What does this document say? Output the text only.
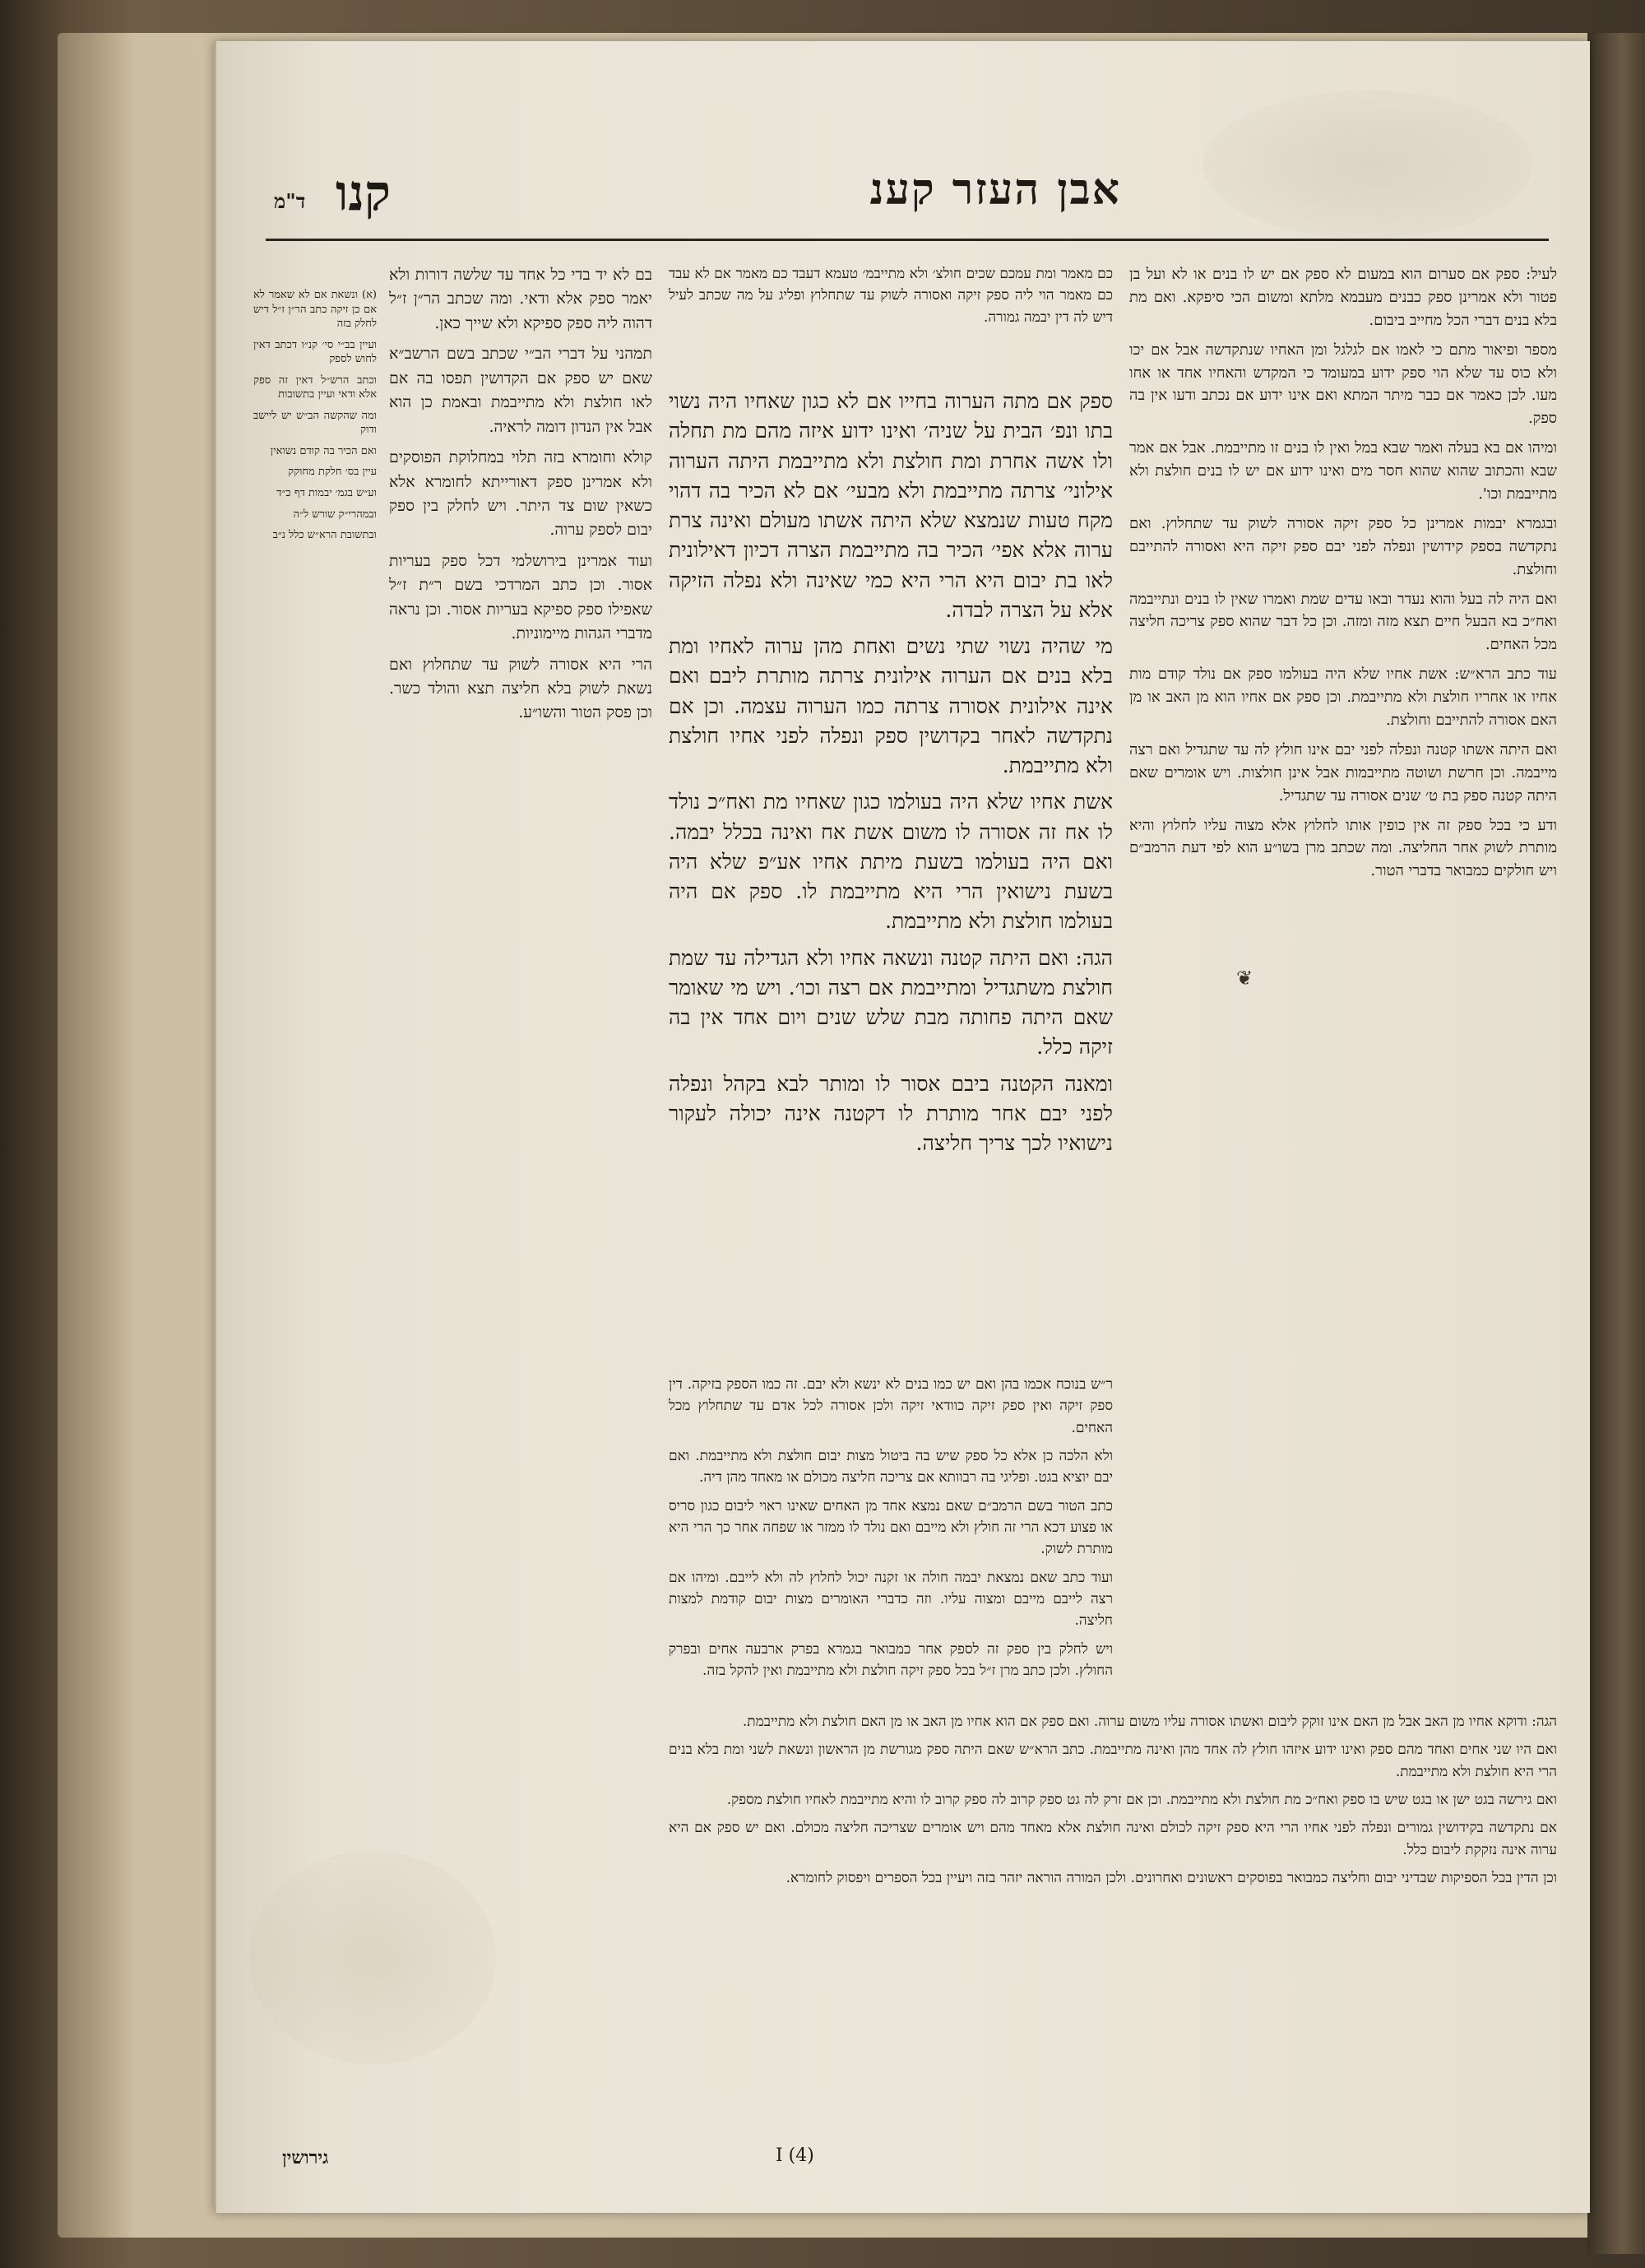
אבן העזר קענ
קנו
ד"מ

לעיל: ספק אם סערום הוא במעום לא ספק אם יש לו בנים או לא ועל בן פטור ולא אמרינן ספק כבנים מעבמא מלתא ומשום הכי סיפקא. ואם מת בלא בנים דברי הכל מחייב ביבום.

מספר ופיאור מתם כי לאמו אם לגלגל ומן האחיו שנתקדשה אבל אם יכו ולא כוס עד שלא הוי ספק ידוע במעומד כי המקדש והאחיו אחד או אחו מעו. לכן כאמר אם כבר מיתר המתא ואם אינו ידוע אם נכתב ודעו אין בה ספק.

ומיהו אם בא בעלה ואמר שבא במל ואין לו בנים זו מתייבמת. אבל אם אמר שבא והכתוב שהוא שהוא חסר מים ואינו ידוע אם יש לו בנים חולצת ולא מתייבמת וכו'.

ובגמרא יבמות אמרינן כל ספק זיקה אסורה לשוק עד שתחלוץ. ואם נתקדשה בספק קידושין ונפלה לפני יבם ספק זיקה היא ואסורה להתייבם וחולצת.

ואם היה לה בעל והוא נעדר ובאו עדים שמת ואמרו שאין לו בנים ונתייבמה ואח״כ בא הבעל חיים תצא מזה ומזה. וכן כל דבר שהוא ספק צריכה חליצה מכל האחים.

עוד כתב הרא״ש: אשת אחיו שלא היה בעולמו ספק אם נולד קודם מות אחיו או אחריו חולצת ולא מתייבמת. וכן ספק אם אחיו הוא מן האב או מן האם אסורה להתייבם וחולצת.

ואם היתה אשתו קטנה ונפלה לפני יבם אינו חולץ לה עד שתגדיל ואם רצה מייבמה. וכן חרשת ושוטה מתייבמות אבל אינן חולצות. ויש אומרים שאם היתה קטנה ספק בת ט׳ שנים אסורה עד שתגדיל.

ודע כי בכל ספק זה אין כופין אותו לחלוץ אלא מצוה עליו לחלוץ והיא מותרת לשוק אחר החליצה. ומה שכתב מרן בשו״ע הוא לפי דעת הרמב״ם ויש חולקים כמבואר בדברי הטור.

כם מאמר ומת עמכם שכים חולצ׳ ולא מתייבמ׳ טעמא דעבד כם מאמר אם לא עבד כם מאמר הוי ליה ספק זיקה ואסורה לשוק עד שתחלוץ ופליג על מה שכתב לעיל דיש לה דין יבמה גמורה.

ספק אם מתה הערוה בחייו אם לא כגון שאחיו היה נשוי בתו ונפ׳ הבית על שניה׳ ואינו ידוע איזה מהם מת תחלה ולו אשה אחרת ומת חולצת ולא מתייבמת היתה הערוה אילוני׳ צרתה מתייבמת ולא מבעי׳ אם לא הכיר בה דהוי מקח טעות שנמצא שלא היתה אשתו מעולם ואינה צרת ערוה אלא אפי׳ הכיר בה מתייבמת הצרה דכיון דאילונית לאו בת יבום היא הרי היא כמי שאינה ולא נפלה הזיקה אלא על הצרה לבדה.

מי שהיה נשוי שתי נשים ואחת מהן ערוה לאחיו ומת בלא בנים אם הערוה אילונית צרתה מותרת ליבם ואם אינה אילונית אסורה צרתה כמו הערוה עצמה. וכן אם נתקדשה לאחר בקדושין ספק ונפלה לפני אחיו חולצת ולא מתייבמת.

אשת אחיו שלא היה בעולמו כגון שאחיו מת ואח״כ נולד לו אח זה אסורה לו משום אשת אח ואינה בכלל יבמה. ואם היה בעולמו בשעת מיתת אחיו אע״פ שלא היה בשעת נישואין הרי היא מתייבמת לו. ספק אם היה בעולמו חולצת ולא מתייבמת.

הגה: ואם היתה קטנה ונשאה אחיו ולא הגדילה עד שמת חולצת משתגדיל ומתייבמת אם רצה וכו׳. ויש מי שאומר שאם היתה פחותה מבת שלש שנים ויום אחד אין בה זיקה כלל.

ומאנה הקטנה ביבם אסור לו ומותר לבא בקהל ונפלה לפני יבם אחר מותרת לו דקטנה אינה יכולה לעקור נישואיו לכך צריך חליצה.

ר״ש בנוכח אכמו בהן ואם יש כמו בנים לא ינשא ולא יבם. זה כמו הספק בזיקה. דין ספק זיקה ואין ספק זיקה כוודאי זיקה ולכן אסורה לכל אדם עד שתחלוץ מכל האחים.

ולא הלכה כן אלא כל ספק שיש בה ביטול מצות יבום חולצת ולא מתייבמת. ואם יבם יוציא בגט. ופליגי בה רבוותא אם צריכה חליצה מכולם או מאחד מהן דיה.

כתב הטור בשם הרמב״ם שאם נמצא אחד מן האחים שאינו ראוי ליבום כגון סריס או פצוע דכא הרי זה חולץ ולא מייבם ואם נולד לו ממזר או שפחה אחר כך הרי היא מותרת לשוק.

ועוד כתב שאם נמצאת יבמה חולה או זקנה יכול לחלוץ לה ולא לייבם. ומיהו אם רצה לייבם מייבם ומצוה עליו. וזה כדברי האומרים מצות יבום קודמת למצות חליצה.

ויש לחלק בין ספק זה לספק אחר כמבואר בגמרא בפרק ארבעה אחים ובפרק החולץ. ולכן כתב מרן ז״ל בכל ספק זיקה חולצת ולא מתייבמת ואין להקל בזה.

בם לא יד בדי כל אחד עד שלשה דורות ולא יאמר ספק אלא ודאי. ומה שכתב הר״ן ז״ל דהוה ליה ספק ספיקא ולא שייך כאן.

תמהני על דברי הב״י שכתב בשם הרשב״א שאם יש ספק אם הקדושין תפסו בה אם לאו חולצת ולא מתייבמת ובאמת כן הוא אבל אין הנדון דומה לראיה.

קולא וחומרא בזה תלוי במחלוקת הפוסקים ולא אמרינן ספק דאורייתא לחומרא אלא כשאין שום צד היתר. ויש לחלק בין ספק יבום לספק ערוה.

ועוד אמרינן בירושלמי דכל ספק בעריות אסור. וכן כתב המרדכי בשם ר״ת ז״ל שאפילו ספק ספיקא בעריות אסור. וכן נראה מדברי הגהות מיימוניות.

הרי היא אסורה לשוק עד שתחלוץ ואם נשאת לשוק בלא חליצה תצא והולד כשר. וכן פסק הטור והשו״ע.

(א) ונשאת אם לא שאמר לא אם כן זיקה כתב הר״ן ז״ל דיש לחלק בזה

ועיין בב״י סי׳ קנ״ו דכתב דאין לחוש לספק

וכתב הרש״ל דאין זה ספק אלא ודאי ועיין בתשובות

ומה שהקשה הב״ש יש ליישב ודוק

ואם הכיר בה קודם נשואין

עיין בס׳ חלקת מחוקק

וע״ש בגמ׳ יבמות דף כ״ד

ובמהרי״ק שורש ל״ה

ובתשובת הרא״ש כלל נ״ב

הגה: ודוקא אחיו מן האב אבל מן האם אינו זוקק ליבום ואשתו אסורה עליו משום ערוה. ואם ספק אם הוא אחיו מן האב או מן האם חולצת ולא מתייבמת.

ואם היו שני אחים ואחד מהם ספק ואינו ידוע איזהו חולץ לה אחד מהן ואינה מתייבמת. כתב הרא״ש שאם היתה ספק מגורשת מן הראשון ונשאת לשני ומת בלא בנים הרי היא חולצת ולא מתייבמת.

ואם גירשה בגט ישן או בגט שיש בו ספק ואח״כ מת חולצת ולא מתייבמת. וכן אם זרק לה גט ספק קרוב לה ספק קרוב לו והיא מתייבמת לאחיו חולצת מספק.

אם נתקדשה בקידושין גמורים ונפלה לפני אחיו הרי היא ספק זיקה לכולם ואינה חולצת אלא מאחד מהם ויש אומרים שצריכה חליצה מכולם. ואם יש ספק אם היא ערוה אינה נזקקת ליבום כלל.

וכן הדין בכל הספיקות שבדיני יבום וחליצה כמבואר בפוסקים ראשונים ואחרונים. ולכן המורה הוראה יזהר בזה ויעיין בכל הספרים ויפסוק לחומרא.

❦
גירושין	I (4)
